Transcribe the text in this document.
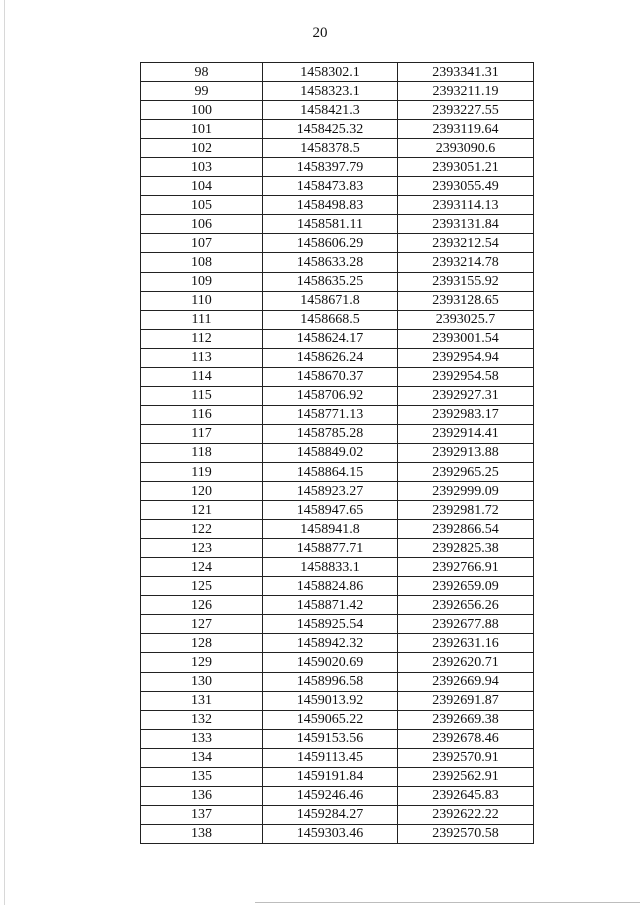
20
98	1458302.1	2393341.31
99	1458323.1	2393211.19
100	1458421.3	2393227.55
101	1458425.32	2393119.64
102	1458378.5	2393090.6
103	1458397.79	2393051.21
104	1458473.83	2393055.49
105	1458498.83	2393114.13
106	1458581.11	2393131.84
107	1458606.29	2393212.54
108	1458633.28	2393214.78
109	1458635.25	2393155.92
110	1458671.8	2393128.65
111	1458668.5	2393025.7
112	1458624.17	2393001.54
113	1458626.24	2392954.94
114	1458670.37	2392954.58
115	1458706.92	2392927.31
116	1458771.13	2392983.17
117	1458785.28	2392914.41
118	1458849.02	2392913.88
119	1458864.15	2392965.25
120	1458923.27	2392999.09
121	1458947.65	2392981.72
122	1458941.8	2392866.54
123	1458877.71	2392825.38
124	1458833.1	2392766.91
125	1458824.86	2392659.09
126	1458871.42	2392656.26
127	1458925.54	2392677.88
128	1458942.32	2392631.16
129	1459020.69	2392620.71
130	1458996.58	2392669.94
131	1459013.92	2392691.87
132	1459065.22	2392669.38
133	1459153.56	2392678.46
134	1459113.45	2392570.91
135	1459191.84	2392562.91
136	1459246.46	2392645.83
137	1459284.27	2392622.22
138	1459303.46	2392570.58
